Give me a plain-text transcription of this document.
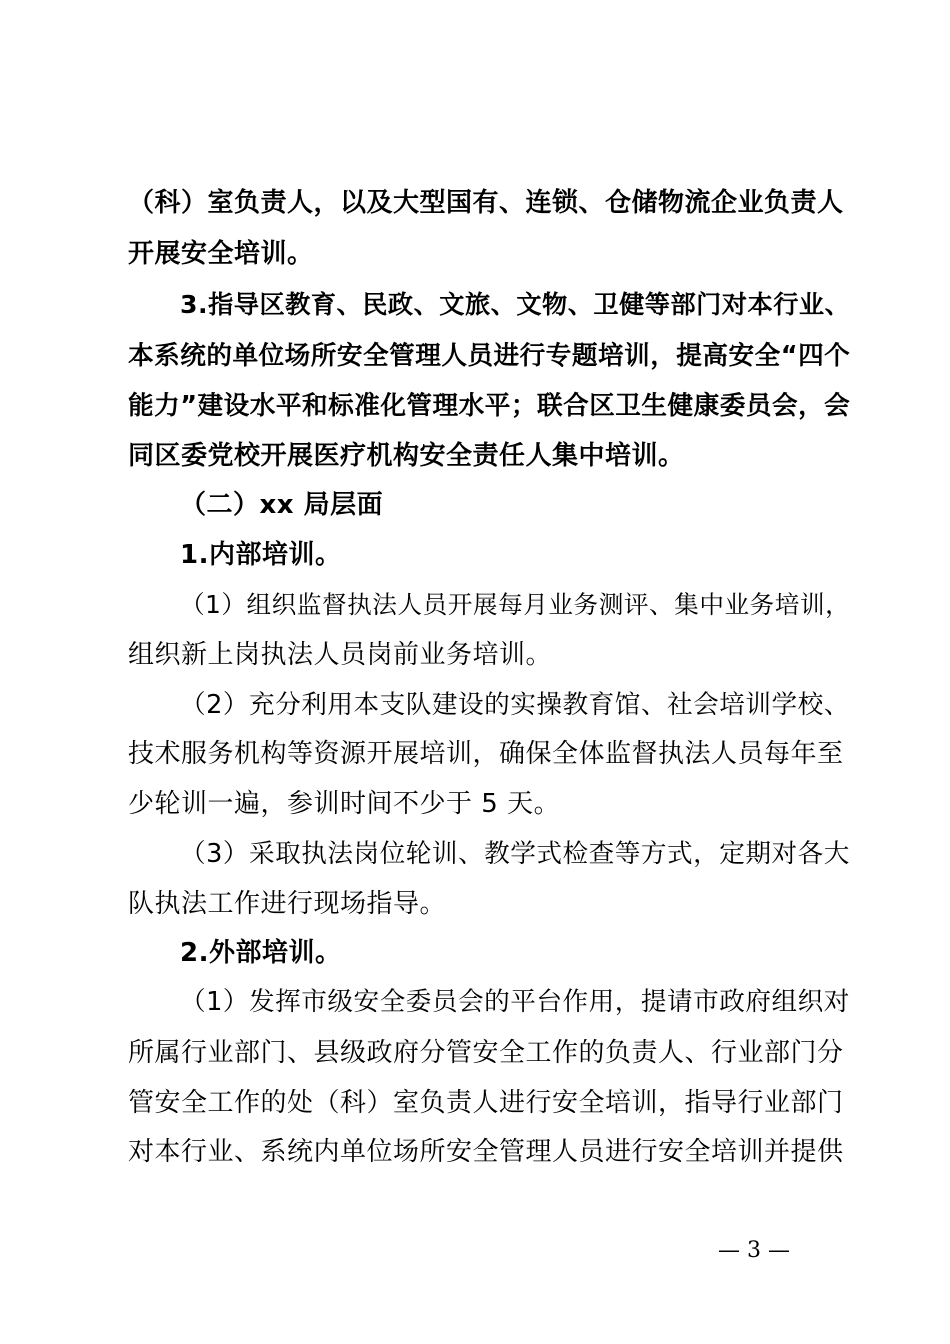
（科）室负责人，以及大型国有、连锁、仓储物流企业负责人
开展安全培训。
3.指导区教育、民政、文旅、文物、卫健等部门对本行业、
本系统的单位场所安全管理人员进行专题培训，提高安全“四个
能力”建设水平和标准化管理水平；联合区卫生健康委员会，会
同区委党校开展医疗机构安全责任人集中培训。
（二）xx 局层面
1.内部培训。
（1）组织监督执法人员开展每月业务测评、集中业务培训，
组织新上岗执法人员岗前业务培训。
（2）充分利用本支队建设的实操教育馆、社会培训学校、
技术服务机构等资源开展培训，确保全体监督执法人员每年至
少轮训一遍，参训时间不少于 5 天。
（3）采取执法岗位轮训、教学式检查等方式，定期对各大
队执法工作进行现场指导。
2.外部培训。
（1）发挥市级安全委员会的平台作用，提请市政府组织对
所属行业部门、县级政府分管安全工作的负责人、行业部门分
管安全工作的处（科）室负责人进行安全培训，指导行业部门
对本行业、系统内单位场所安全管理人员进行安全培训并提供
— 3 —
